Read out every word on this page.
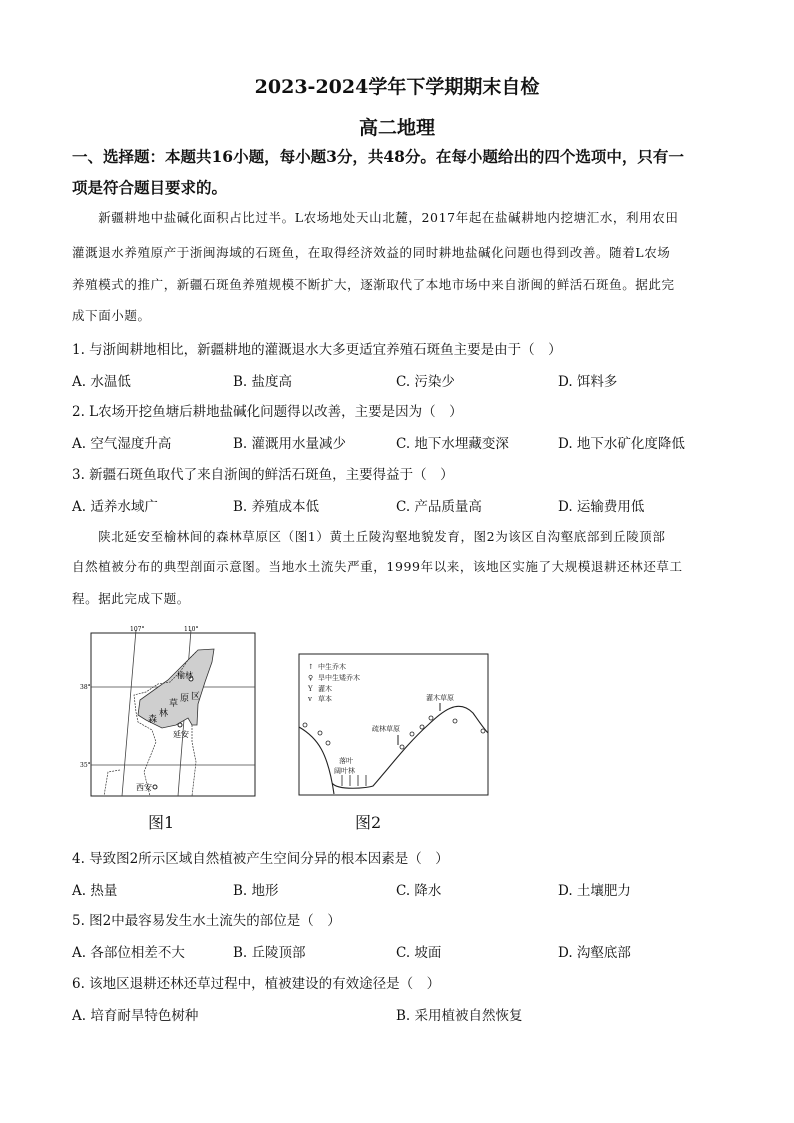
2023-2024学年下学期期末自检
高二地理
一、选择题：本题共16小题，每小题3分，共48分。在每小题给出的四个选项中，只有一
项是符合题目要求的。
　　新疆耕地中盐碱化面积占比过半。L农场地处天山北麓，2017年起在盐碱耕地内挖塘汇水，利用农田
灌溉退水养殖原产于浙闽海域的石斑鱼，在取得经济效益的同时耕地盐碱化问题也得到改善。随着L农场
养殖模式的推广，新疆石斑鱼养殖规模不断扩大，逐渐取代了本地市场中来自浙闽的鲜活石斑鱼。据此完
成下面小题。
1. 与浙闽耕地相比，新疆耕地的灌溉退水大多更适宜养殖石斑鱼主要是由于（　）
A. 水温低	B. 盐度高	C. 污染少	D. 饵料多
2. L农场开挖鱼塘后耕地盐碱化问题得以改善，主要是因为（　）
A. 空气湿度升高	B. 灌溉用水量减少	C. 地下水埋藏变深	D. 地下水矿化度降低
3. 新疆石斑鱼取代了来自浙闽的鲜活石斑鱼，主要得益于（　）
A. 适养水域广	B. 养殖成本低	C. 产品质量高	D. 运输费用低
　　陕北延安至榆林间的森林草原区（图1）黄土丘陵沟壑地貌发育，图2为该区自沟壑底部到丘陵顶部
自然植被分布的典型剖面示意图。当地水土流失严重，1999年以来，该地区实施了大规模退耕还林还草工
程。据此完成下题。
107°	110°
38°
35°
榆林
延安
西安
森
林
草 原 区
图1
↑
♀
Y
v
中生乔木
旱中生矮乔木
灌木
草本	灌木草原
疏林草原
落叶
阔叶林
图2
4. 导致图2所示区域自然植被产生空间分异的根本因素是（　）
A. 热量	B. 地形	C. 降水	D. 土壤肥力
5. 图2中最容易发生水土流失的部位是（　）
A. 各部位相差不大	B. 丘陵顶部	C. 坡面	D. 沟壑底部
6. 该地区退耕还林还草过程中，植被建设的有效途径是（　）
A. 培育耐旱特色树种	B. 采用植被自然恢复
